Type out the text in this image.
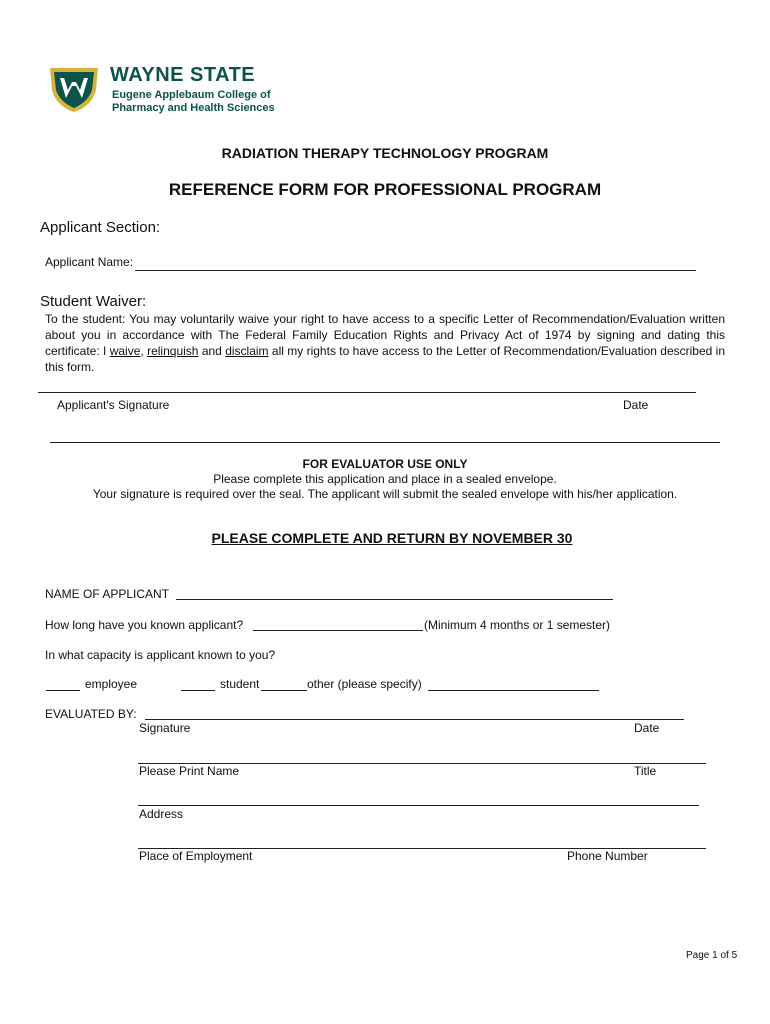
WAYNE STATE
Eugene Applebaum College of
Pharmacy and Health Sciences
RADIATION THERAPY TECHNOLOGY PROGRAM
REFERENCE FORM FOR PROFESSIONAL PROGRAM
Applicant Section:
Applicant Name:
Student Waiver:
To the student: You may voluntarily waive your right to have access to a specific Letter of Recommendation/Evaluation written about you in accordance with The Federal Family Education Rights and Privacy Act of 1974 by signing and dating this certificate: I waive, relinquish and disclaim all my rights to have access to the Letter of Recommendation/Evaluation described in this form.
Applicant's Signature	Date
FOR EVALUATOR USE ONLY
Please complete this application and place in a sealed envelope.
Your signature is required over the seal. The applicant will submit the sealed envelope with his/her application.
PLEASE COMPLETE AND RETURN BY NOVEMBER 30
NAME OF APPLICANT
How long have you known applicant?	(Minimum 4 months or 1 semester)
In what capacity is applicant known to you?
employee	student	other (please specify)
EVALUATED BY:
Signature	Date
Please Print Name	Title
Address
Place of Employment	Phone Number
Page 1 of 5
